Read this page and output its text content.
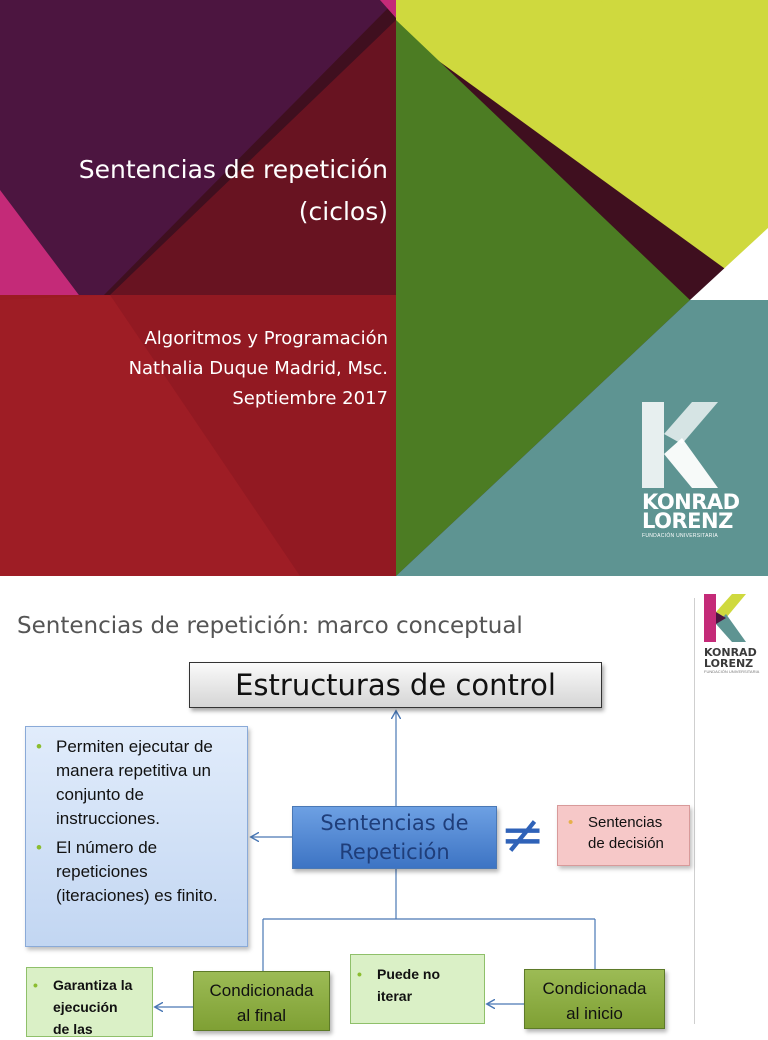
Sentencias de repetición
(ciclos)
Algoritmos y Programación
Nathalia Duque Madrid, Msc.
Septiembre 2017
KONRAD
LORENZ
FUNDACIÓN UNIVERSITARIA
Sentencias de repetición: marco conceptual
KONRAD
LORENZ
FUNDACIÓN UNIVERSITARIA
Estructuras de control
Sentencias de
Repetición ≠
• Permiten ejecutar de manera repetitiva un conjunto de instrucciones.
• El número de repeticiones (iteraciones) es finito.
• Sentencias
de decisión
• Garantiza la
ejecución
de las
Condicionada
al final
• Puede no
iterar	Condicionada
al inicio
